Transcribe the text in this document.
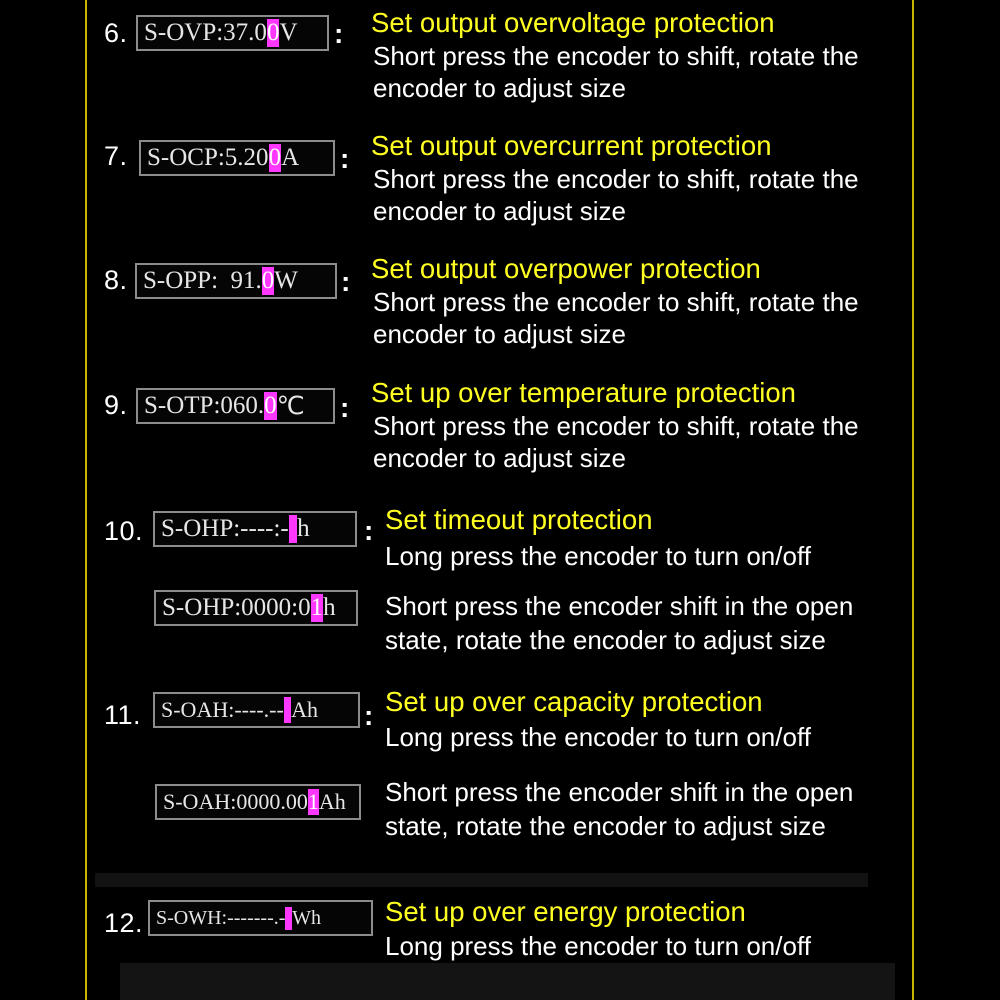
6. S-OVP:37.0 0 V : Set output overvoltage protection
Short press the encoder to shift, rotate the
encoder to adjust size
7. S-OCP:5.20 0 A : Set output overcurrent protection
Short press the encoder to shift, rotate the
encoder to adjust size
8. S-OPP:  91. 0 W : Set output overpower protection
Short press the encoder to shift, rotate the
encoder to adjust size
9. S-OTP:060. 0 ℃ : Set up over temperature protection
Short press the encoder to shift, rotate the
encoder to adjust size
10. S-OHP:----:- - h : Set timeout protection
Long press the encoder to turn on/off
S-OHP:0000:0 1 h Short press the encoder shift in the open
state, rotate the encoder to adjust size
11. S-OAH:----.-- - Ah : Set up over capacity protection
Long press the encoder to turn on/off
S-OAH:0000.00 1 Ah Short press the encoder shift in the open
state, rotate the encoder to adjust size
12. S-OWH:-------.- - Wh Set up over energy protection
Long press the encoder to turn on/off
